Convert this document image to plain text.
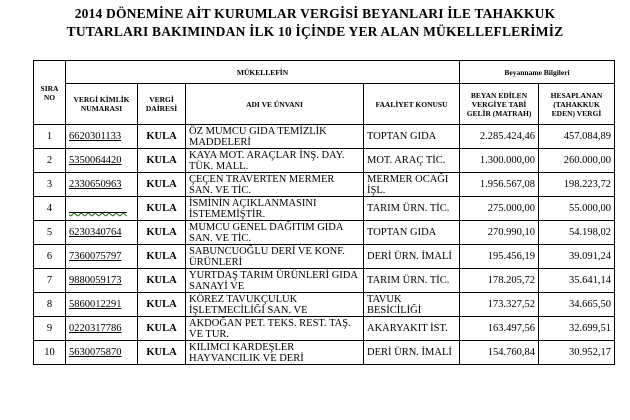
2014 DÖNEMİNE AİT KURUMLAR VERGİSİ BEYANLARI İLE TAHAKKUK
TUTARLARI BAKIMINDAN İLK 10 İÇİNDE YER ALAN MÜKELLEFLERİMİZ
SIRA NO	MÜKELLEFİN				Beyanname Bilgileri	
	VERGİ KİMLİK NUMARASI	VERGİ DAİRESİ	ADI VE ÜNVANI	FAALİYET KONUSU	BEYAN EDİLEN VERGİYE TABİ GELİR (MATRAH)	HESAPLANAN (TAHAKKUK EDEN) VERGİ
1	6620301133	KULA	ÖZ MUMCU GIDA TEMİZLİK MADDELERİ	TOPTAN GIDA	2.285.424,46	457.084,89
2	5350064420	KULA	KAYA MOT. ARAÇLAR İNŞ. DAY. TÜK. MALL.	MOT. ARAÇ TİC.	1.300.000,00	260.000,00
3	2330650963	KULA	ÇEÇEN TRAVERTEN MERMER SAN. VE TİC.	MERMER OCAĞI İŞL.	1.956.567,08	198.223,72
4		KULA	İSMİNİN AÇIKLANMASINI İSTEMEMİŞTİR.	TARIM ÜRN. TİC.	275.000,00	55.000,00
5	6230340764	KULA	MUMCU GENEL DAĞITIM GIDA SAN. VE TİC.	TOPTAN GIDA	270.990,10	54.198,02
6	7360075797	KULA	SABUNCUOĞLU DERİ VE KONF. ÜRÜNLERİ	DERİ ÜRN. İMALİ	195.456,19	39.091,24
7	9880059173	KULA	YURTDAŞ TARIM ÜRÜNLERİ GIDA SANAYİ VE	TARIM ÜRN. TİC.	178.205,72	35.641,14
8	5860012291	KULA	KÖREZ TAVUKÇULUK İŞLETMECİLİĞİ SAN. VE	TAVUK BESİCİLİĞİ	173.327,52	34.665,50
9	0220317786	KULA	AKDOĞAN PET. TEKS. REST. TAŞ. VE TUR.	AKARYAKIT İST.	163.497,56	32.699,51
10	5630075870	KULA	KILIMCI KARDEŞLER HAYVANCILIK VE DERİ	DERİ ÜRN. İMALİ	154.760,84	30.952,17
